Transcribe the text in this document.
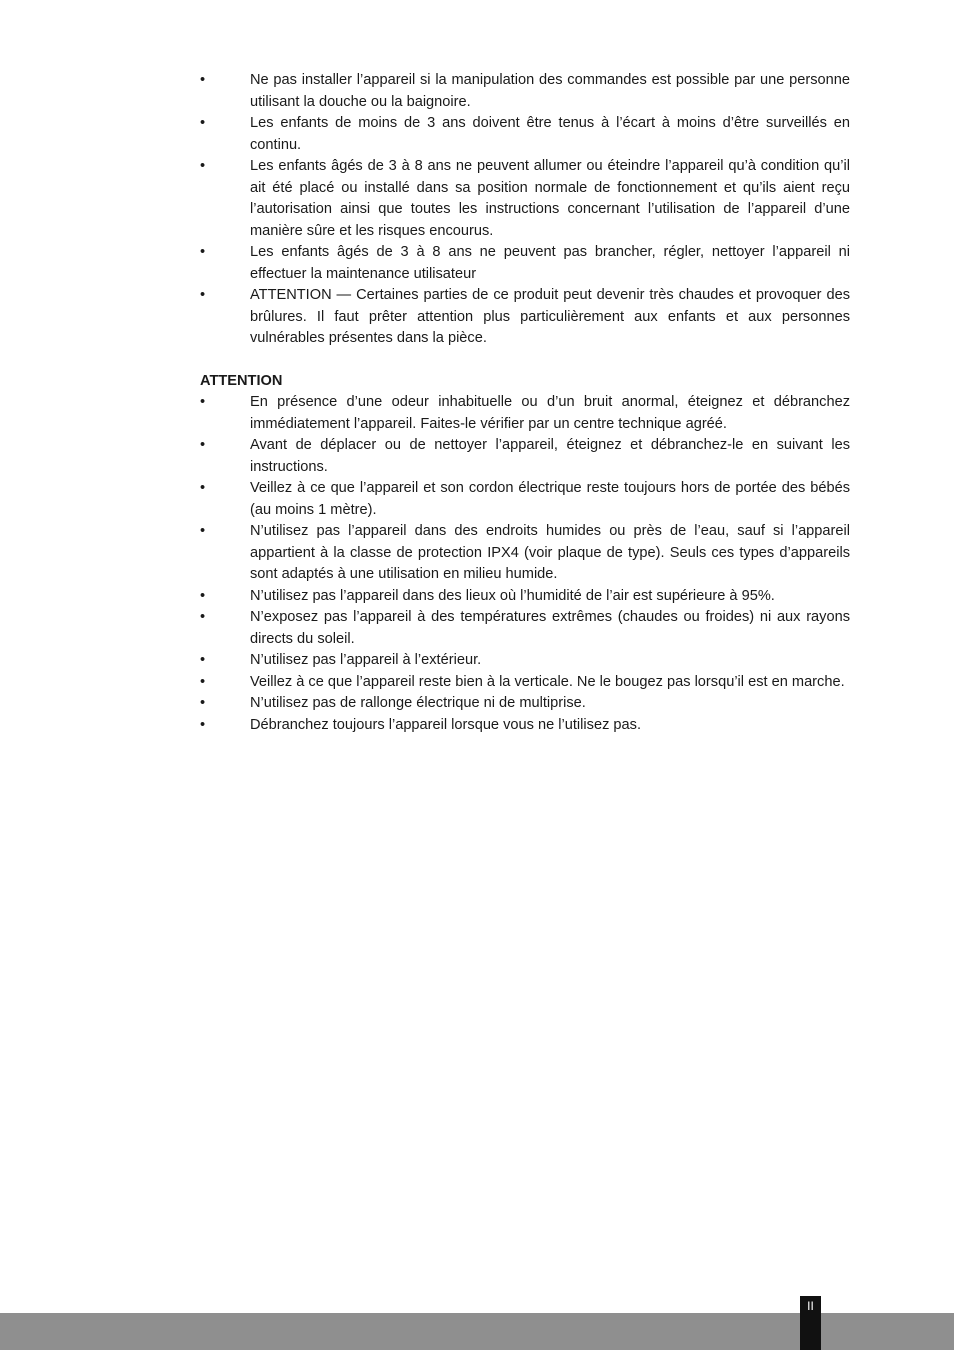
•	Ne pas installer l’appareil si la manipulation des commandes est possible par une personne utilisant la douche ou la baignoire.
•	Les enfants de moins de 3 ans doivent être tenus à l’écart à moins d’être surveillés en continu.
•	Les enfants âgés de 3 à 8 ans ne peuvent allumer ou éteindre l’appareil qu’à condition qu’il ait été placé ou installé dans sa position normale de fonctionnement et qu’ils aient reçu l’autorisation ainsi que toutes les instructions concernant l’utilisation de l’appareil d’une manière sûre et les risques encourus.
•	Les enfants âgés de 3 à 8 ans ne peuvent pas brancher, régler, nettoyer l’appareil ni effectuer la maintenance utilisateur
•	ATTENTION — Certaines parties de ce produit peut devenir très chaudes et provoquer des brûlures. Il faut prêter attention plus particulièrement aux enfants et aux personnes vulnérables présentes dans la pièce.
ATTENTION
•	En présence d’une odeur inhabituelle ou d’un bruit anormal, éteignez et débranchez immédiatement l’appareil. Faites-le vérifier par un centre technique agréé.
•	Avant de déplacer ou de nettoyer l’appareil, éteignez et débranchez-le en suivant les instructions.
•	Veillez à ce que l’appareil et son cordon électrique reste toujours hors de portée des bébés (au moins 1 mètre).
•	N’utilisez pas l’appareil dans des endroits humides ou près de l’eau, sauf si l’appareil appartient à la classe de protection IPX4 (voir plaque de type). Seuls ces types d’appareils sont adaptés à une utilisation en milieu humide.
•	N’utilisez pas l’appareil dans des lieux où l’humidité de l’air est supérieure à 95%.
•	N’exposez pas l’appareil à des températures extrêmes (chaudes ou froides) ni aux rayons directs du soleil.
•	N’utilisez pas l’appareil à l’extérieur.
•	Veillez à ce que l’appareil reste bien à la verticale. Ne le bougez pas lorsqu’il est en marche.
•	N’utilisez pas de rallonge électrique ni de multiprise.
•	Débranchez toujours l’appareil lorsque vous ne l’utilisez pas.
II
